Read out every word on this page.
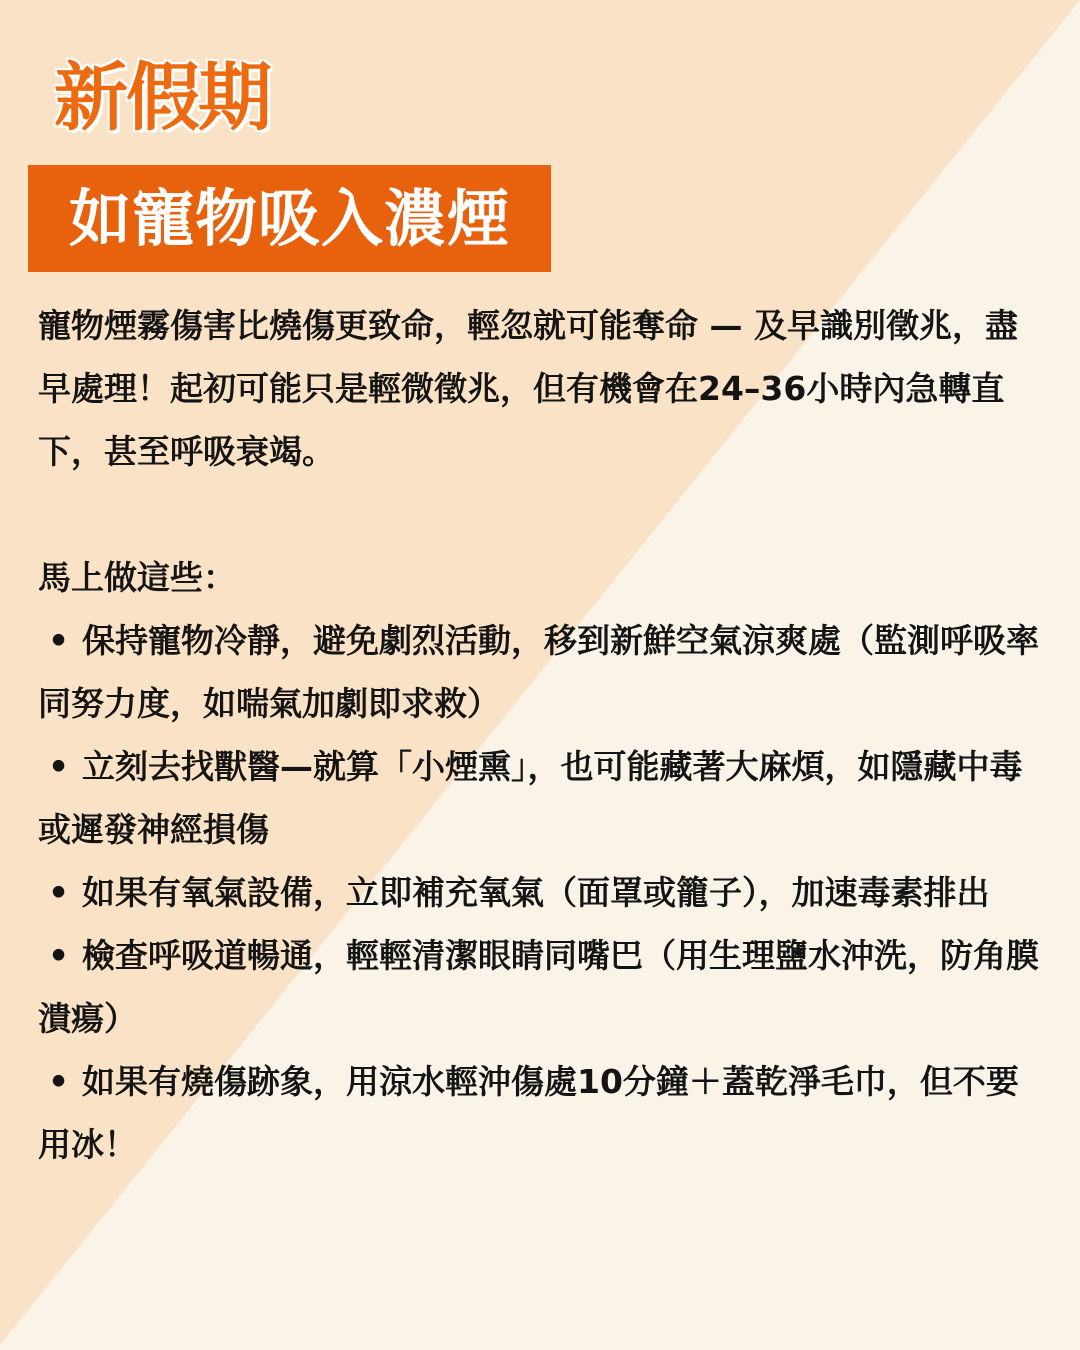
新假期
如寵物吸入濃煙

寵物煙霧傷害比燒傷更致命，輕忽就可能奪命 — 及早識別徵兆，盡早處理！起初可能只是輕微徵兆，但有機會在24–36小時內急轉直下，甚至呼吸衰竭。

馬上做這些：

• 保持寵物冷靜，避免劇烈活動，移到新鮮空氣涼爽處（監測呼吸率同努力度，如喘氣加劇即求救）

• 立刻去找獸醫—就算「小煙熏」，也可能藏著大麻煩，如隱藏中毒或遲發神經損傷

• 如果有氧氣設備，立即補充氧氣（面罩或籠子），加速毒素排出

• 檢查呼吸道暢通，輕輕清潔眼睛同嘴巴（用生理鹽水沖洗，防角膜潰瘍）

• 如果有燒傷跡象，用涼水輕沖傷處10分鐘＋蓋乾淨毛巾，但不要用冰！
